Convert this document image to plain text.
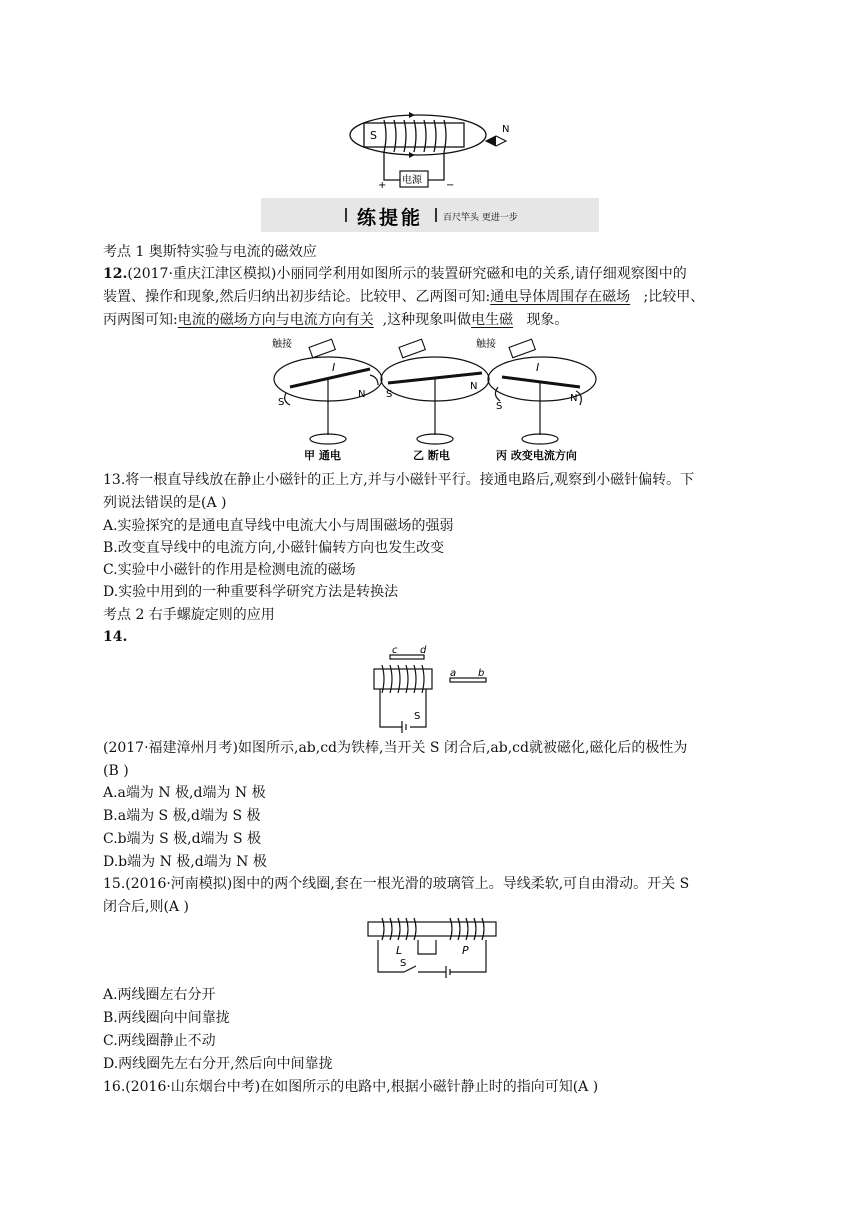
S	N
电源
+	−
练提能 百尺竿头 更进一步
考点 1 奥斯特实验与电流的磁效应
12.(2017·重庆江津区模拟)小丽同学利用如图所示的装置研究磁和电的关系,请仔细观察图中的
装置、操作和现象,然后归纳出初步结论。比较甲、乙两图可知:通电导体周围存在磁场 ;比较甲、
丙两图可知:电流的磁场方向与电流方向有关 ,这种现象叫做电生磁 现象。
触接	触接
I	I
S
N S
N
S
N
甲 通电	乙 断电	丙 改变电流方向
13.将一根直导线放在静止小磁针的正上方,并与小磁针平行。接通电路后,观察到小磁针偏转。下
列说法错误的是(A )
A.实验探究的是通电直导线中电流大小与周围磁场的强弱
B.改变直导线中的电流方向,小磁针偏转方向也发生改变
C.实验中小磁针的作用是检测电流的磁场
D.实验中用到的一种重要科学研究方法是转换法
考点 2 右手螺旋定则的应用
14.
c d
a b
S
(2017·福建漳州月考)如图所示,ab,cd为铁棒,当开关 S 闭合后,ab,cd就被磁化,磁化后的极性为
(B )
A.a端为 N 极,d端为 N 极
B.a端为 S 极,d端为 S 极
C.b端为 S 极,d端为 S 极
D.b端为 N 极,d端为 N 极
15.(2016·河南模拟)图中的两个线圈,套在一根光滑的玻璃管上。导线柔软,可自由滑动。开关 S
闭合后,则(A )
L	P
S
A.两线圈左右分开
B.两线圈向中间靠拢
C.两线圈静止不动
D.两线圈先左右分开,然后向中间靠拢
16.(2016·山东烟台中考)在如图所示的电路中,根据小磁针静止时的指向可知(A )
